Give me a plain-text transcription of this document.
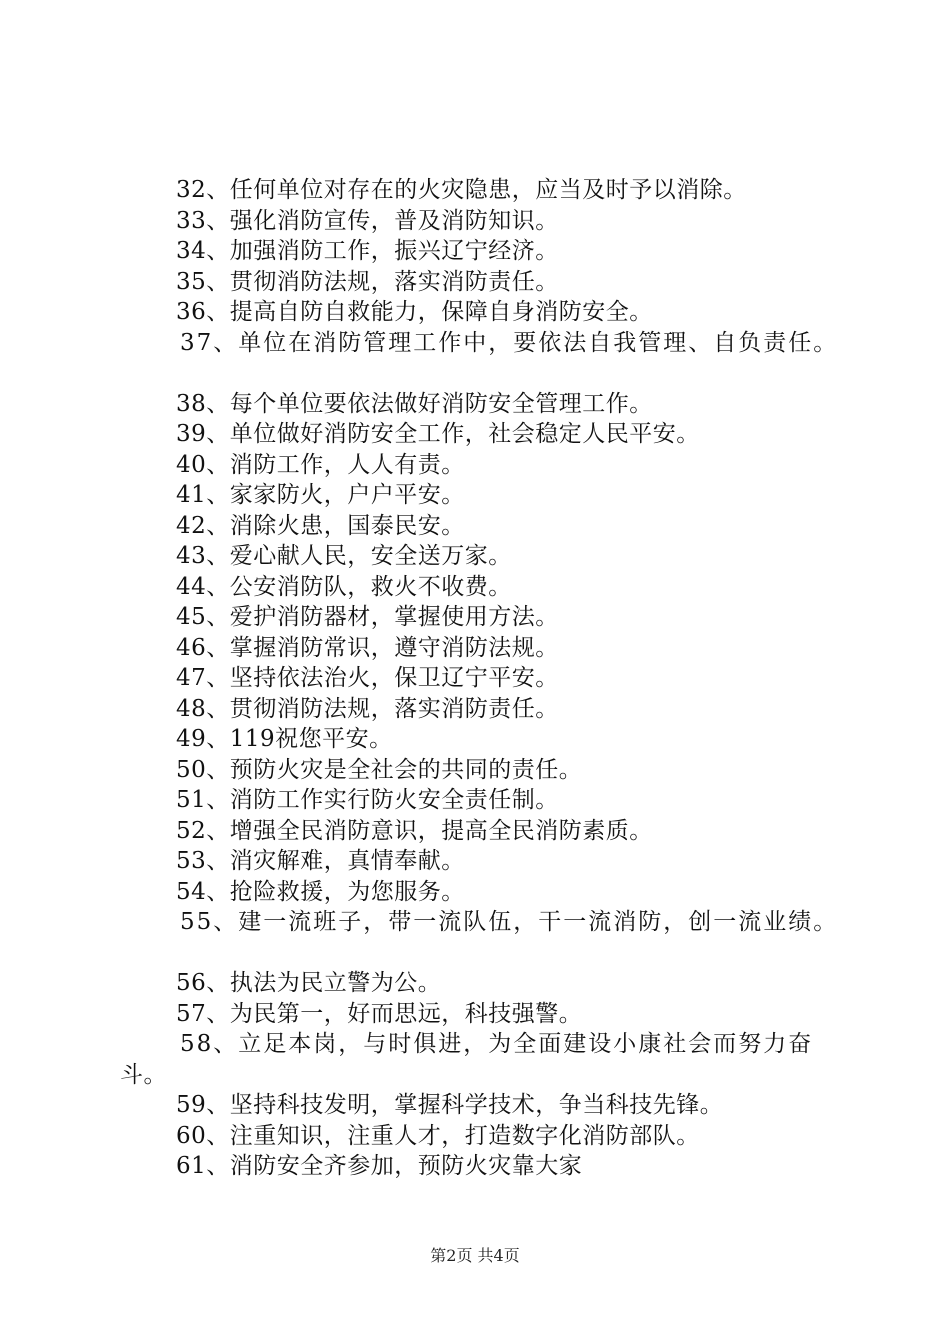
32、任何单位对存在的火灾隐患，应当及时予以消除。
33、强化消防宣传，普及消防知识。
34、加强消防工作，振兴辽宁经济。
35、贯彻消防法规，落实消防责任。
36、提高自防自救能力，保障自身消防安全。
37、单位在消防管理工作中，要依法自我管理、自负责任。
38、每个单位要依法做好消防安全管理工作。
39、单位做好消防安全工作，社会稳定人民平安。
40、消防工作，人人有责。
41、家家防火，户户平安。
42、消除火患，国泰民安。
43、爱心献人民，安全送万家。
44、公安消防队，救火不收费。
45、爱护消防器材，掌握使用方法。
46、掌握消防常识，遵守消防法规。
47、坚持依法治火，保卫辽宁平安。
48、贯彻消防法规，落实消防责任。
49、119祝您平安。
50、预防火灾是全社会的共同的责任。
51、消防工作实行防火安全责任制。
52、增强全民消防意识，提高全民消防素质。
53、消灾解难，真情奉献。
54、抢险救援，为您服务。
55、建一流班子，带一流队伍，干一流消防，创一流业绩。
56、执法为民立警为公。
57、为民第一，好而思远，科技强警。
58、立足本岗，与时俱进，为全面建设小康社会而努力奋
斗。
59、坚持科技发明，掌握科学技术，争当科技先锋。
60、注重知识，注重人才，打造数字化消防部队。
61、消防安全齐参加，预防火灾靠大家
第2页 共4页
